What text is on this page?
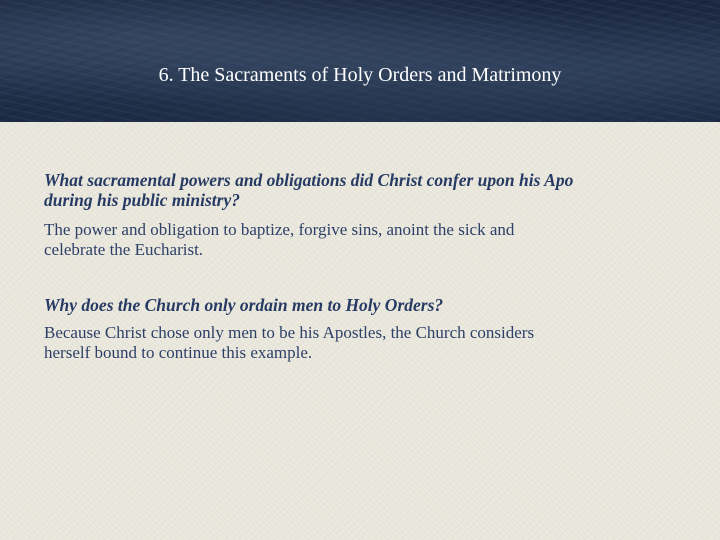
6. The Sacraments of Holy Orders and Matrimony

What sacramental powers and obligations did Christ confer upon his Apo

during his public ministry?

The power and obligation to baptize, forgive sins, anoint the sick and

celebrate the Eucharist.

Why does the Church only ordain men to Holy Orders?

Because Christ chose only men to be his Apostles, the Church considers

herself bound to continue this example.
